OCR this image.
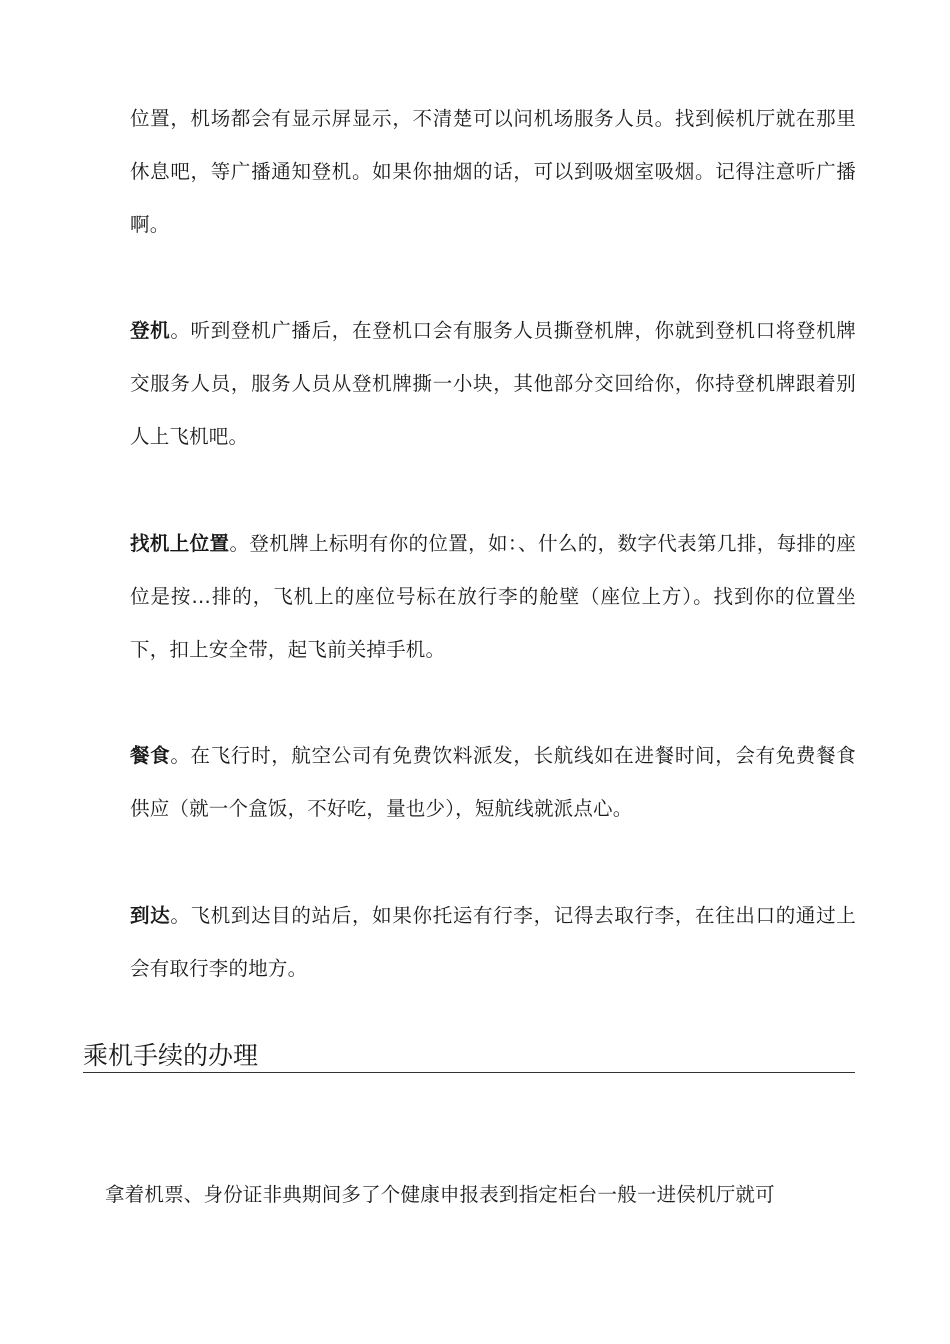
位置，机场都会有显示屏显示，不清楚可以问机场服务人员。找到候机厅就在那里休息吧，等广播通知登机。如果你抽烟的话，可以到吸烟室吸烟。记得注意听广播啊。

登机。听到登机广播后，在登机口会有服务人员撕登机牌，你就到登机口将登机牌交服务人员，服务人员从登机牌撕一小块，其他部分交回给你，你持登机牌跟着别人上飞机吧。

找机上位置。登机牌上标明有你的位置，如：、什么的，数字代表第几排，每排的座位是按…排的，飞机上的座位号标在放行李的舱壁（座位上方）。找到你的位置坐下，扣上安全带，起飞前关掉手机。

餐食。在飞行时，航空公司有免费饮料派发，长航线如在进餐时间，会有免费餐食供应（就一个盒饭，不好吃，量也少），短航线就派点心。

到达。飞机到达目的站后，如果你托运有行李，记得去取行李，在往出口的通过上会有取行李的地方。

乘机手续的办理

拿着机票、身份证非典期间多了个健康申报表到指定柜台一般一进侯机厅就可
